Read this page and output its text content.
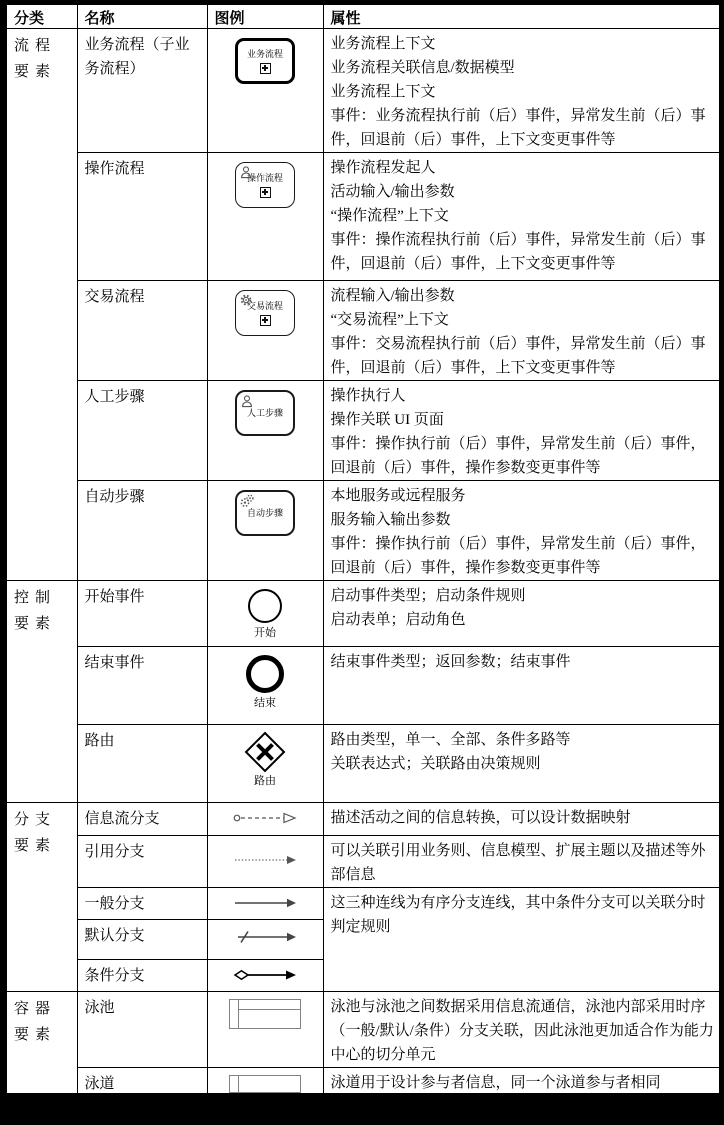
分类	名称	图例	属性
流程要素	业务流程（子业务流程）	业务流程	业务流程上下文

业务流程关联信息/数据模型

业务流程上下文

事件：业务流程执行前（后）事件，异常发生前（后）事件，回退前（后）事件，上下文变更事件等

	操作流程	操作流程	操作流程发起人

活动输入/输出参数

“操作流程”上下文

事件：操作流程执行前（后）事件，异常发生前（后）事件，回退前（后）事件，上下文变更事件等

	交易流程	交易流程	流程输入/输出参数

“交易流程”上下文

事件：交易流程执行前（后）事件，异常发生前（后）事件，回退前（后）事件，上下文变更事件等

	人工步骤	人工步骤	操作执行人

操作关联 UI 页面

事件：操作执行前（后）事件，异常发生前（后）事件，回退前（后）事件，操作参数变更事件等

	自动步骤	自动步骤	本地服务或远程服务

服务输入输出参数

事件：操作执行前（后）事件，异常发生前（后）事件，回退前（后）事件，操作参数变更事件等

控制要素	开始事件	开始	启动事件类型；启动条件规则

启动表单；启动角色

	结束事件	结束	结束事件类型；返回参数；结束事件

	路由	路由	路由类型，单一、全部、条件多路等

关联表达式；关联路由决策规则

分支要素	信息流分支		描述活动之间的信息转换，可以设计数据映射

	引用分支		可以关联引用业务则、信息模型、扩展主题以及描述等外部信息

	一般分支		这三种连线为有序分支连线，其中条件分支可以关联分时判定规则

	默认分支	
	条件分支	
容器要素	泳池		泳池与泳池之间数据采用信息流通信，泳池内部采用时序（一般/默认/条件）分支关联，因此泳池更加适合作为能力中心的切分单元

	泳道		泳道用于设计参与者信息，同一个泳道参与者相同
